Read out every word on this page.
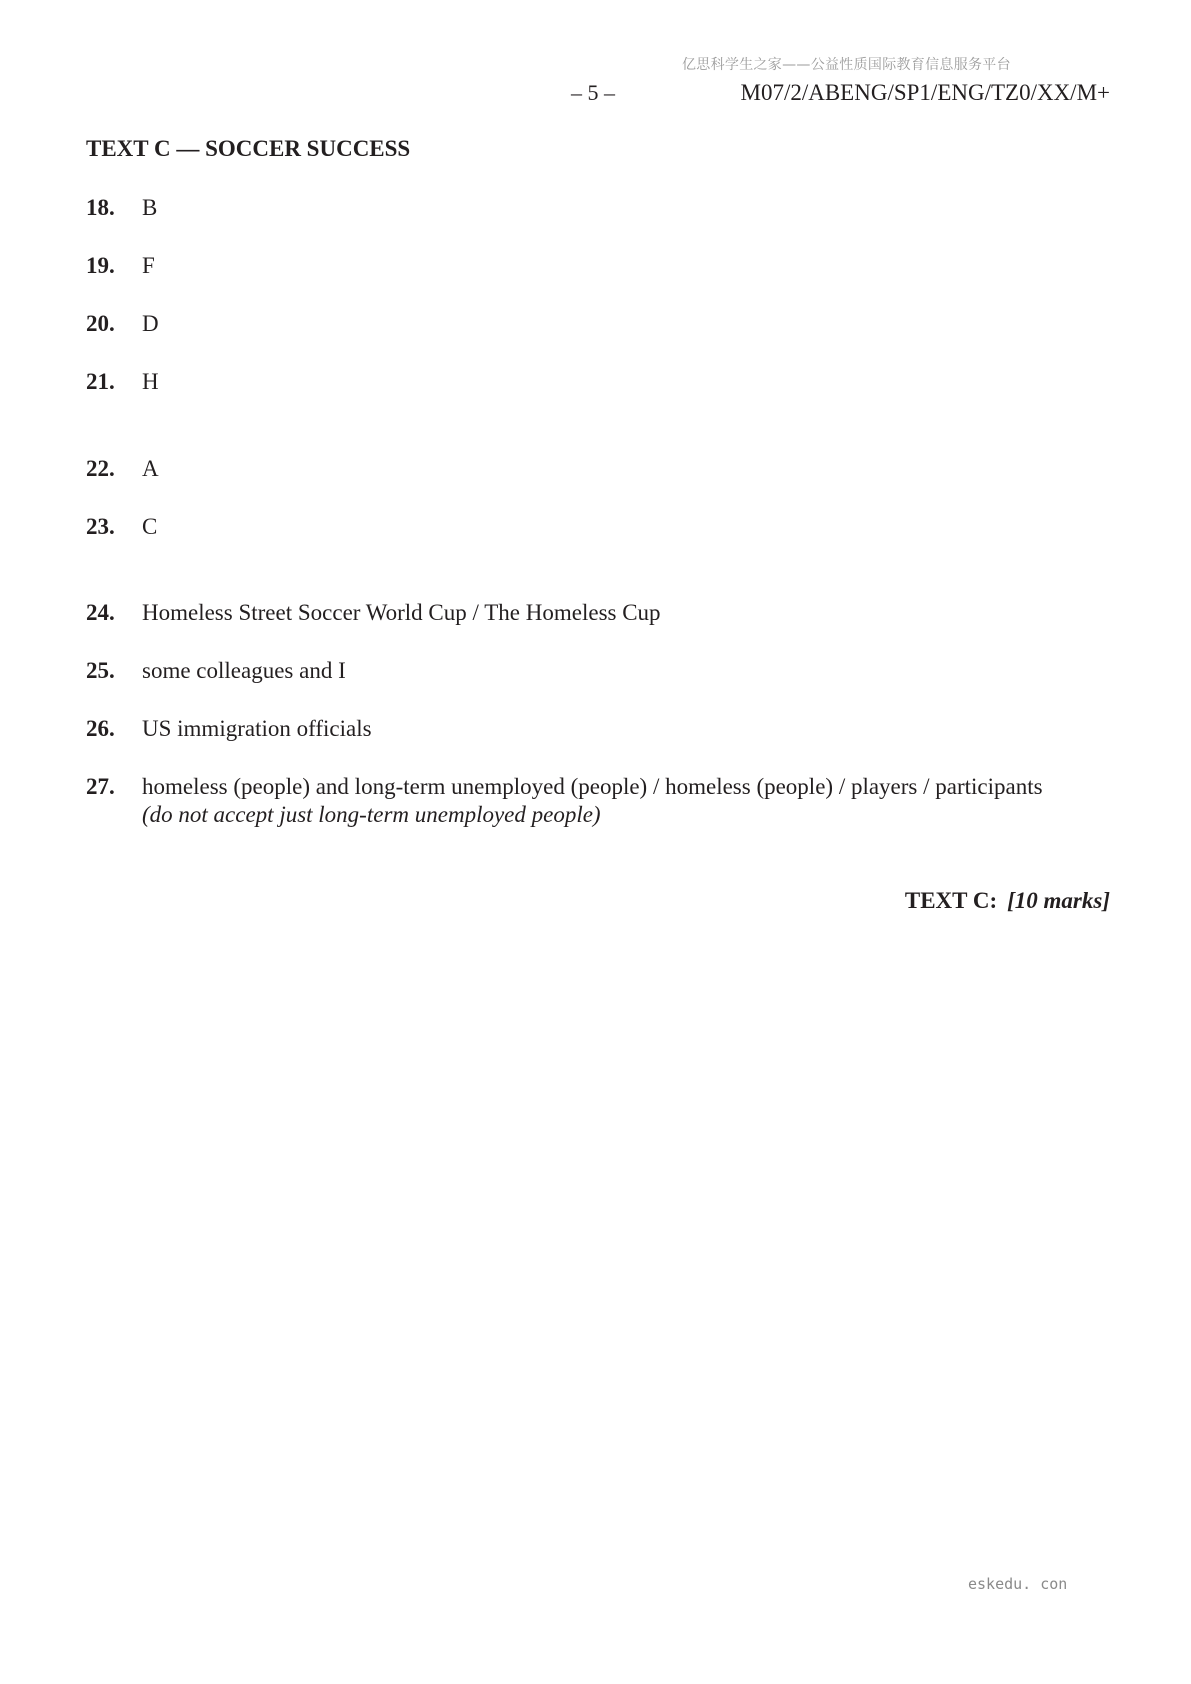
亿思科学生之家——公益性质国际教育信息服务平台
– 5 –	M07/2/ABENG/SP1/ENG/TZ0/XX/M+
TEXT C — SOCCER SUCCESS
18. B
19. F
20. D
21. H
22. A
23. C
24. Homeless Street Soccer World Cup / The Homeless Cup
25. some colleagues and I
26. US immigration officials
27. homeless (people) and long-term unemployed (people) / homeless (people) / players / participants
(do not accept just long-term unemployed people)
TEXT C: [10 marks]
eskedu. con
